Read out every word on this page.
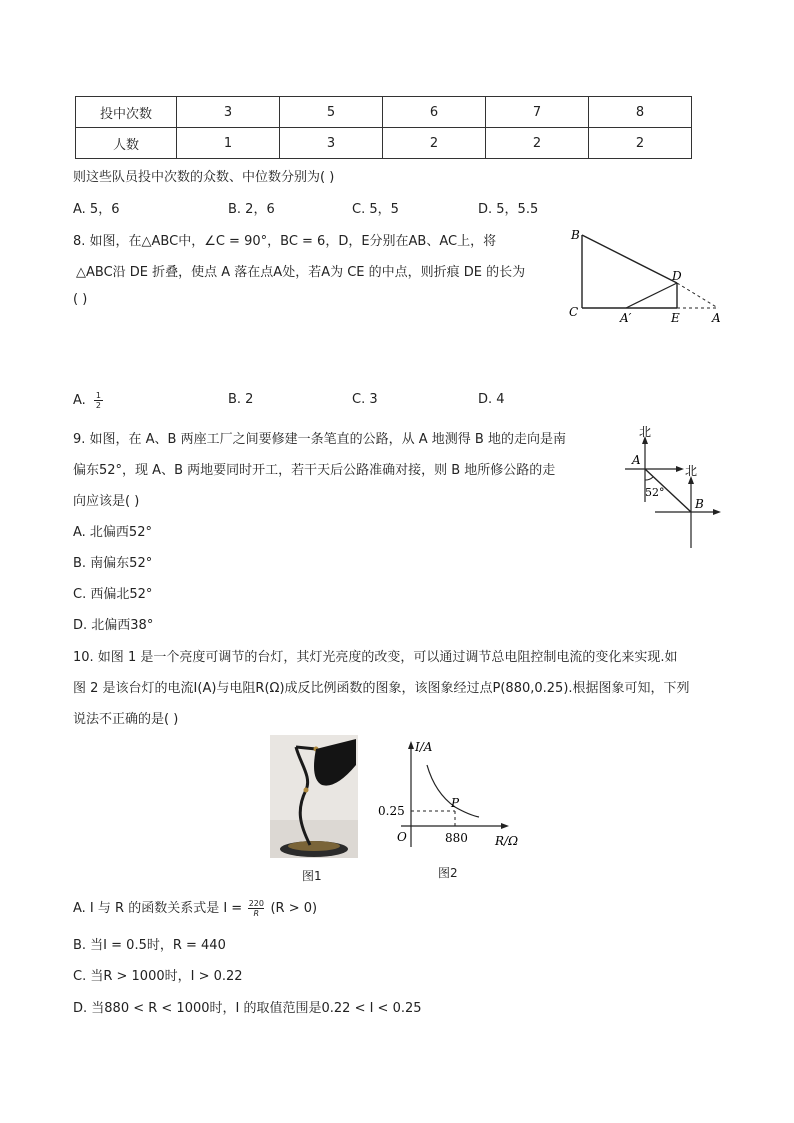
投中次数	3	5	6	7	8
人数	1	3	2	2	2
则这些队员投中次数的众数、中位数分别为( )
A. 5，6	B. 2，6	C. 5，5	D. 5，5.5
8. 如图，在△ABC中，∠C = 90°，BC = 6，D，E分别在AB、AC上，将
△ABC沿 DE 折叠，使点 A 落在点A处，若A为 CE 的中点，则折痕 DE 的长为
( )
B
C
D
A′	E	A
A. $\frac{1}{2}$	B. 2	C. 3	D. 4
9. 如图，在 A、B 两座工厂之间要修建一条笔直的公路，从 A 地测得 B 地的走向是南
偏东52°，现 A、B 两地要同时开工，若干天后公路准确对接，则 B 地所修公路的走
向应该是( )
北
北
A
B
52°
A. 北偏西52°
B. 南偏东52°
C. 西偏北52°
D. 北偏西38°
10. 如图 1 是一个亮度可调节的台灯，其灯光亮度的改变，可以通过调节总电阻控制电流的变化来实现.如
图 2 是该台灯的电流I(A)与电阻R(Ω)成反比例函数的图象，该图象经过点P(880,0.25).根据图象可知，下列
说法不正确的是( )
图1
I/A
R/Ω
O
0.25
880
P
图2
A. I 与 R 的函数关系式是 $I = \frac{220}{R} (R > 0)$
B. 当I = 0.5时，R = 440
C. 当R > 1000时，I > 0.22
D. 当880 < R < 1000时，I 的取值范围是0.22 < I < 0.25
